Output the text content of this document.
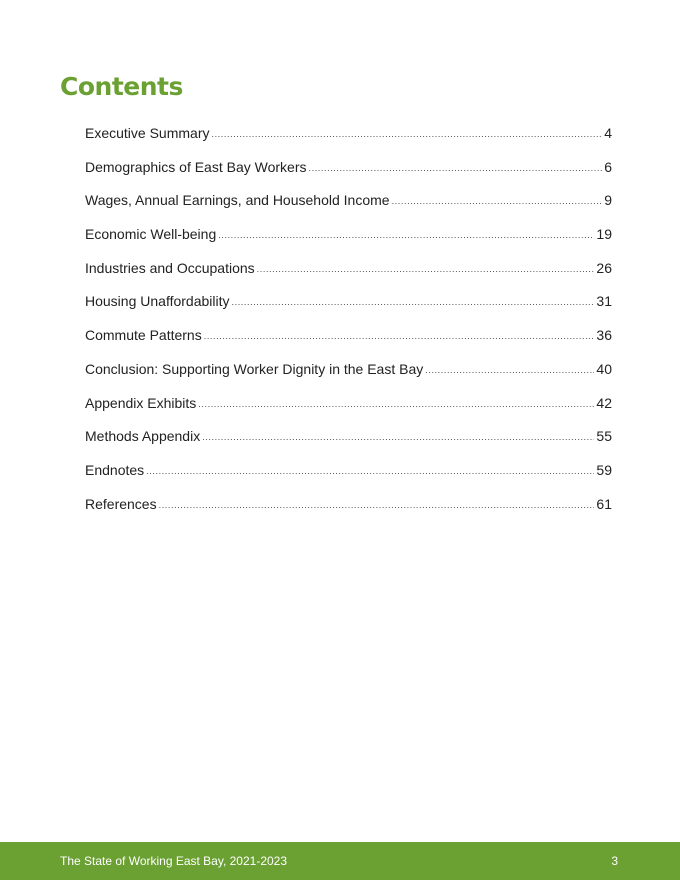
Contents
Executive Summary .....	4
Demographics of East Bay Workers .....	6
Wages, Annual Earnings, and Household Income .....	9
Economic Well-being .....	19
Industries and Occupations .....	26
Housing Unaffordability .....	31
Commute Patterns .....	36
Conclusion: Supporting Worker Dignity in the East Bay .....	40
Appendix Exhibits .....	42
Methods Appendix .....	55
Endnotes .....	59
References .....	61
The State of Working East Bay, 2021-2023	3
